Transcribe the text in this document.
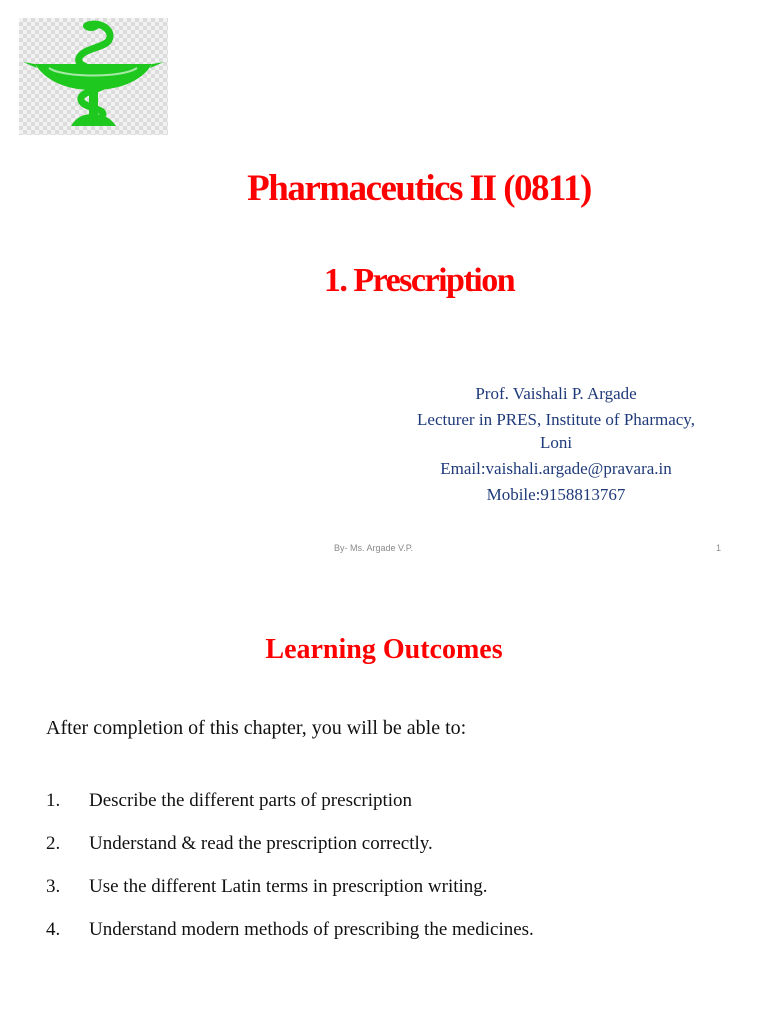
Pharmaceutics II (0811)
1. Prescription
Prof. Vaishali P. Argade
Lecturer in PRES, Institute of Pharmacy,
Loni
Email:vaishali.argade@pravara.in
Mobile:9158813767
By- Ms. Argade V.P.	1
Learning Outcomes
After completion of this chapter, you will be able to:
1.	Describe the different parts of prescription
2.	Understand & read the prescription correctly.
3.	Use the different Latin terms in prescription writing.
4.	Understand modern methods of prescribing the medicines.
